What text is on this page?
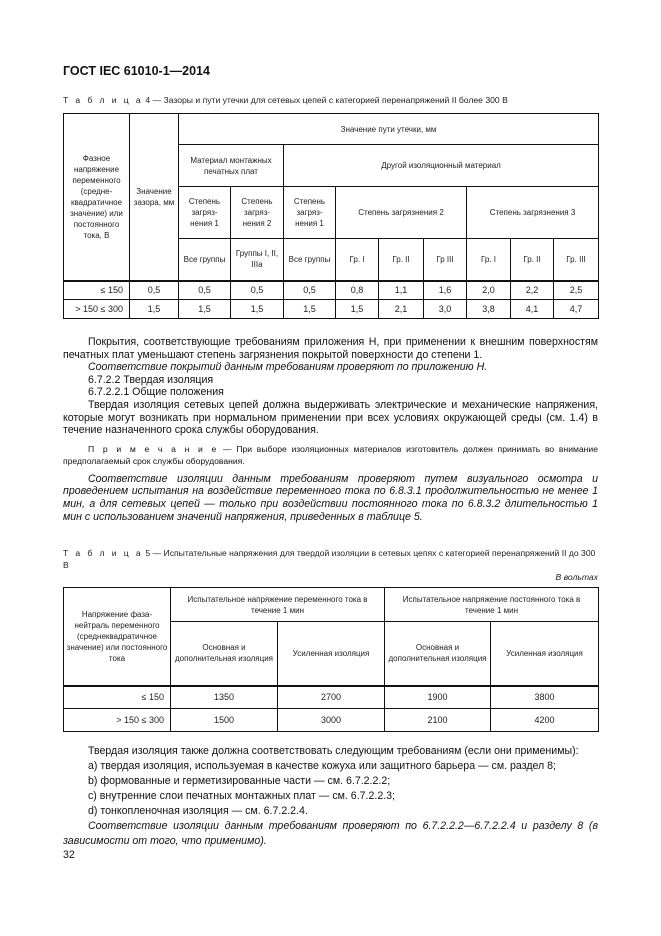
ГОСТ IEC 61010-1—2014
Т а б л и ц а 4 — Зазоры и пути утечки для сетевых цепей с категорией перенапряжений II более 300 В
Фазное напряжение переменного (средне-квадратичное значение) или постоянного тока, В	Значение зазора, мм	Значение пути утечки, мм								
		Материал монтажных печатных плат		Другой изоляционный материал						
		Степень загряз-нения 1	Степень загряз-нения 2	Степень загряз-нения 1	Степень загрязнения 2			Степень загрязнения 3		
		Все группы	Группы I, II, IIIa	Все группы	Гр. I	Гр. II	Гр III	Гр. I	Гр. II	Гр. III
≤ 150	0,5	0,5	0,5	0,5	0,8	1,1	1,6	2,0	2,2	2,5
> 150 ≤ 300	1,5	1,5	1,5	1,5	1,5	2,1	3,0	3,8	4,1	4,7

Покрытия, соответствующие требованиям приложения H, при применении к внешним поверхностям печатных плат уменьшают степень загрязнения покрытой поверхности до степени 1.

Соответствие покрытий данным требованиям проверяют по приложению H.

6.7.2.2 Твердая изоляция

6.7.2.2.1 Общие положения

Твердая изоляция сетевых цепей должна выдерживать электрические и механические напряжения, которые могут возникать при нормальном применении при всех условиях окружающей среды (см. 1.4) в течение назначенного срока службы оборудования.

П р и м е ч а н и е — При выборе изоляционных материалов изготовитель должен принимать во внимание предполагаемый срок службы оборудования.

Соответствие изоляции данным требованиям проверяют путем визуального осмотра и проведением испытания на воздействие переменного тока по 6.8.3.1 продолжительностью не менее 1 мин, а для сетевых цепей — только при воздействии постоянного тока по 6.8.3.2 длительностью 1 мин с использованием значений напряжения, приведенных в таблице 5.

Т а б л и ц а 5 — Испытательные напряжения для твердой изоляции в сетевых цепях с категорией перенапряжений II до 300 В
В вольтах
Напряжение фаза-нейтраль переменного (среднеквадратичное значение) или постоянного тока	Испытательное напряжение переменного тока в течение 1 мин		Испытательное напряжение постоянного тока в течение 1 мин	
	Основная и дополнительная изоляция	Усиленная изоляция	Основная и дополнительная изоляция	Усиленная изоляция
≤ 150	1350	2700	1900	3800
> 150 ≤ 300	1500	3000	2100	4200

Твердая изоляция также должна соответствовать следующим требованиям (если они применимы):

a) твердая изоляция, используемая в качестве кожуха или защитного барьера — см. раздел 8;

b) формованные и герметизированные части — см. 6.7.2.2.2;

c) внутренние слои печатных монтажных плат — см. 6.7.2.2.3;

d) тонкопленочная изоляция — см. 6.7.2.2.4.

Соответствие изоляции данным требованиям проверяют по 6.7.2.2.2—6.7.2.2.4 и разделу 8 (в зависимости от того, что применимо).

32
